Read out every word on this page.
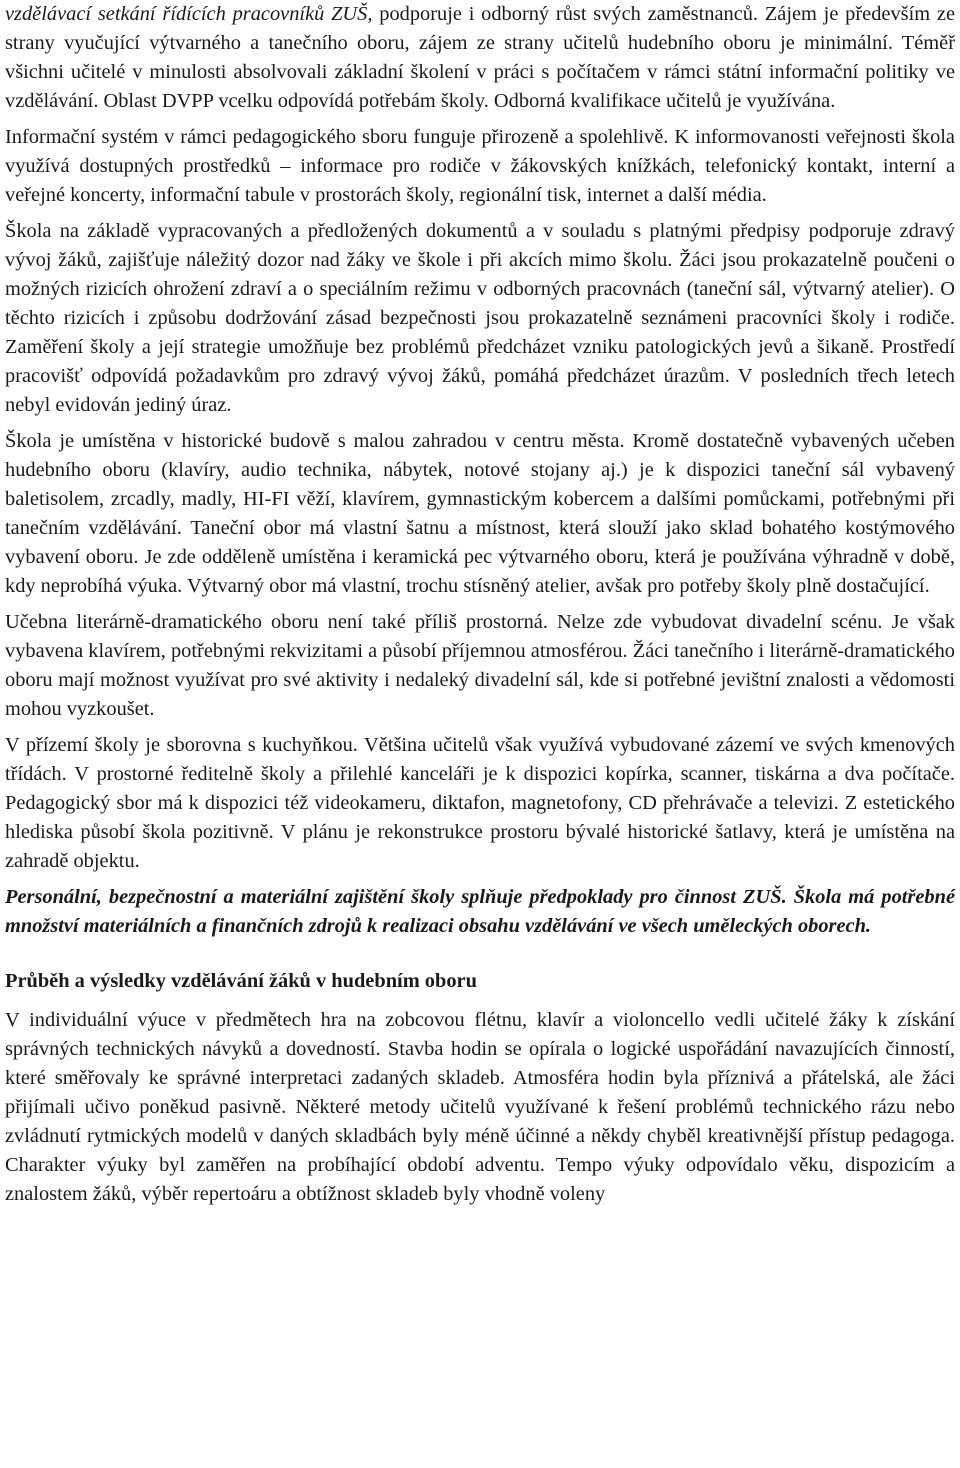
vzdělávací setkání řídících pracovníků ZUŠ, podporuje i odborný růst svých zaměstnanců. Zájem je především ze strany vyučující výtvarného a tanečního oboru, zájem ze strany učitelů hudebního oboru je minimální. Téměř všichni učitelé v minulosti absolvovali základní školení v práci s počítačem v rámci státní informační politiky ve vzdělávání. Oblast DVPP vcelku odpovídá potřebám školy. Odborná kvalifikace učitelů je využívána.

Informační systém v rámci pedagogického sboru funguje přirozeně a spolehlivě. K informovanosti veřejnosti škola využívá dostupných prostředků – informace pro rodiče v žákovských knížkách, telefonický kontakt, interní a veřejné koncerty, informační tabule v prostorách školy, regionální tisk, internet a další média.

Škola na základě vypracovaných a předložených dokumentů a v souladu s platnými předpisy podporuje zdravý vývoj žáků, zajišťuje náležitý dozor nad žáky ve škole i při akcích mimo školu. Žáci jsou prokazatelně poučeni o možných rizicích ohrožení zdraví a o speciálním režimu v odborných pracovnách (taneční sál, výtvarný atelier). O těchto rizicích i způsobu dodržování zásad bezpečnosti jsou prokazatelně seznámeni pracovníci školy i rodiče. Zaměření školy a její strategie umožňuje bez problémů předcházet vzniku patologických jevů a šikaně. Prostředí pracovišť odpovídá požadavkům pro zdravý vývoj žáků, pomáhá předcházet úrazům. V posledních třech letech nebyl evidován jediný úraz.

Škola je umístěna v historické budově s malou zahradou v centru města. Kromě dostatečně vybavených učeben hudebního oboru (klavíry, audio technika, nábytek, notové stojany aj.) je k dispozici taneční sál vybavený baletisolem, zrcadly, madly, HI-FI věží, klavírem, gymnastickým kobercem a dalšími pomůckami, potřebnými při tanečním vzdělávání. Taneční obor má vlastní šatnu a místnost, která slouží jako sklad bohatého kostýmového vybavení oboru. Je zde odděleně umístěna i keramická pec výtvarného oboru, která je používána výhradně v době, kdy neprobíhá výuka. Výtvarný obor má vlastní, trochu stísněný atelier, avšak pro potřeby školy plně dostačující.

Učebna literárně-dramatického oboru není také příliš prostorná. Nelze zde vybudovat divadelní scénu. Je však vybavena klavírem, potřebnými rekvizitami a působí příjemnou atmosférou. Žáci tanečního i literárně-dramatického oboru mají možnost využívat pro své aktivity i nedaleký divadelní sál, kde si potřebné jevištní znalosti a vědomosti mohou vyzkoušet.

V přízemí školy je sborovna s kuchyňkou. Většina učitelů však využívá vybudované zázemí ve svých kmenových třídách. V prostorné ředitelně školy a přilehlé kanceláři je k dispozici kopírka, scanner, tiskárna a dva počítače. Pedagogický sbor má k dispozici též videokameru, diktafon, magnetofony, CD přehrávače a televizi. Z estetického hlediska působí škola pozitivně. V plánu je rekonstrukce prostoru bývalé historické šatlavy, která je umístěna na zahradě objektu.

Personální, bezpečnostní a materiální zajištění školy splňuje předpoklady pro činnost ZUŠ. Škola má potřebné množství materiálních a finančních zdrojů k realizaci obsahu vzdělávání ve všech uměleckých oborech.

Průběh a výsledky vzdělávání žáků v hudebním oboru

V individuální výuce v předmětech hra na zobcovou flétnu, klavír a violoncello vedli učitelé žáky k získání správných technických návyků a dovedností. Stavba hodin se opírala o logické uspořádání navazujících činností, které směřovaly ke správné interpretaci zadaných skladeb. Atmosféra hodin byla příznivá a přátelská, ale žáci přijímali učivo poněkud pasivně. Některé metody učitelů využívané k řešení problémů technického rázu nebo zvládnutí rytmických modelů v daných skladbách byly méně účinné a někdy chyběl kreativnější přístup pedagoga. Charakter výuky byl zaměřen na probíhající období adventu. Tempo výuky odpovídalo věku, dispozicím a znalostem žáků, výběr repertoáru a obtížnost skladeb byly vhodně voleny
